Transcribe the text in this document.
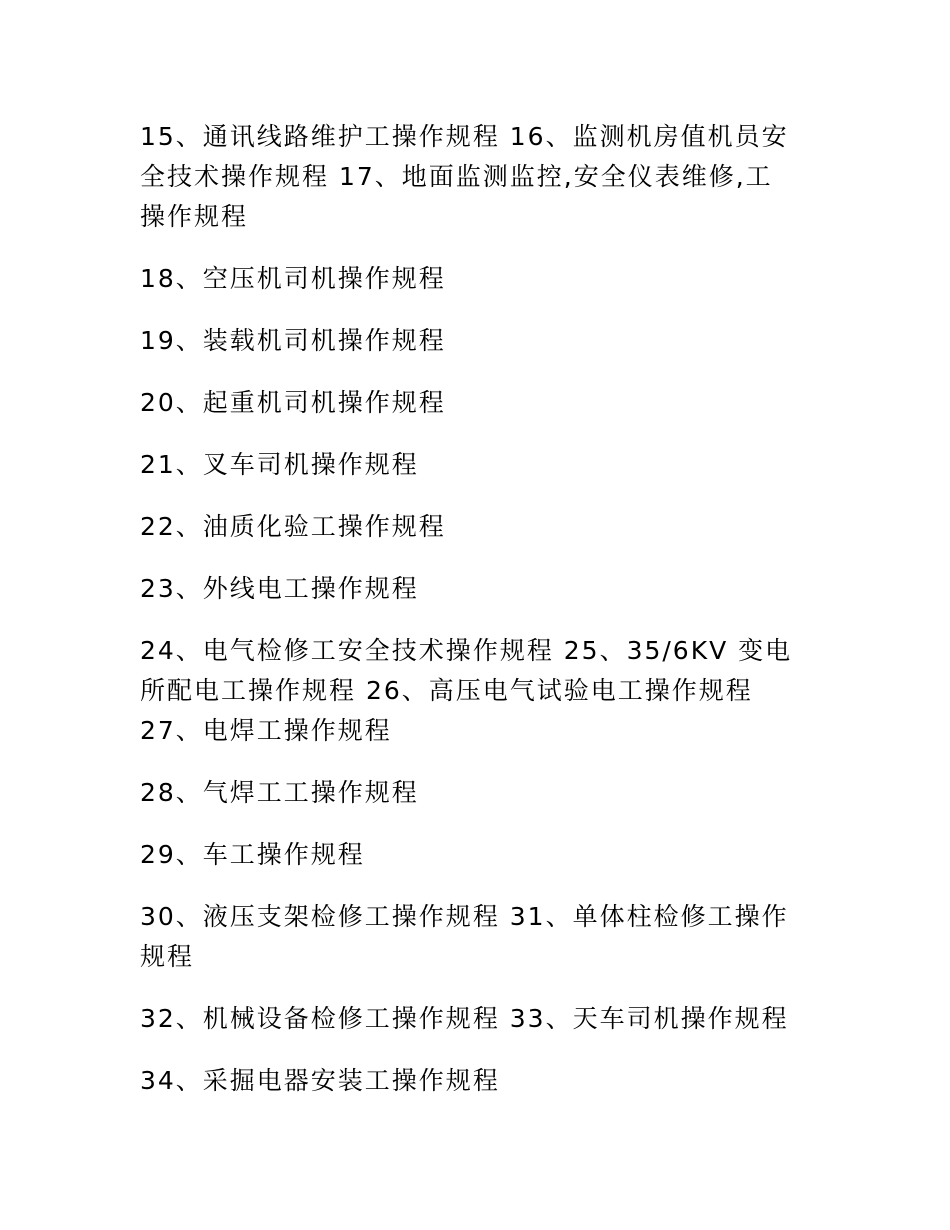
15、通讯线路维护工操作规程 16、监测机房值机员安
全技术操作规程 17、地面监测监控,安全仪表维修,工
操作规程

18、空压机司机操作规程

19、装载机司机操作规程

20、起重机司机操作规程

21、叉车司机操作规程

22、油质化验工操作规程

23、外线电工操作规程

24、电气检修工安全技术操作规程 25、35/6KV 变电
所配电工操作规程 26、高压电气试验电工操作规程
27、电焊工操作规程

28、气焊工工操作规程

29、车工操作规程

30、液压支架检修工操作规程 31、单体柱检修工操作
规程

32、机械设备检修工操作规程 33、天车司机操作规程

34、采掘电器安装工操作规程
